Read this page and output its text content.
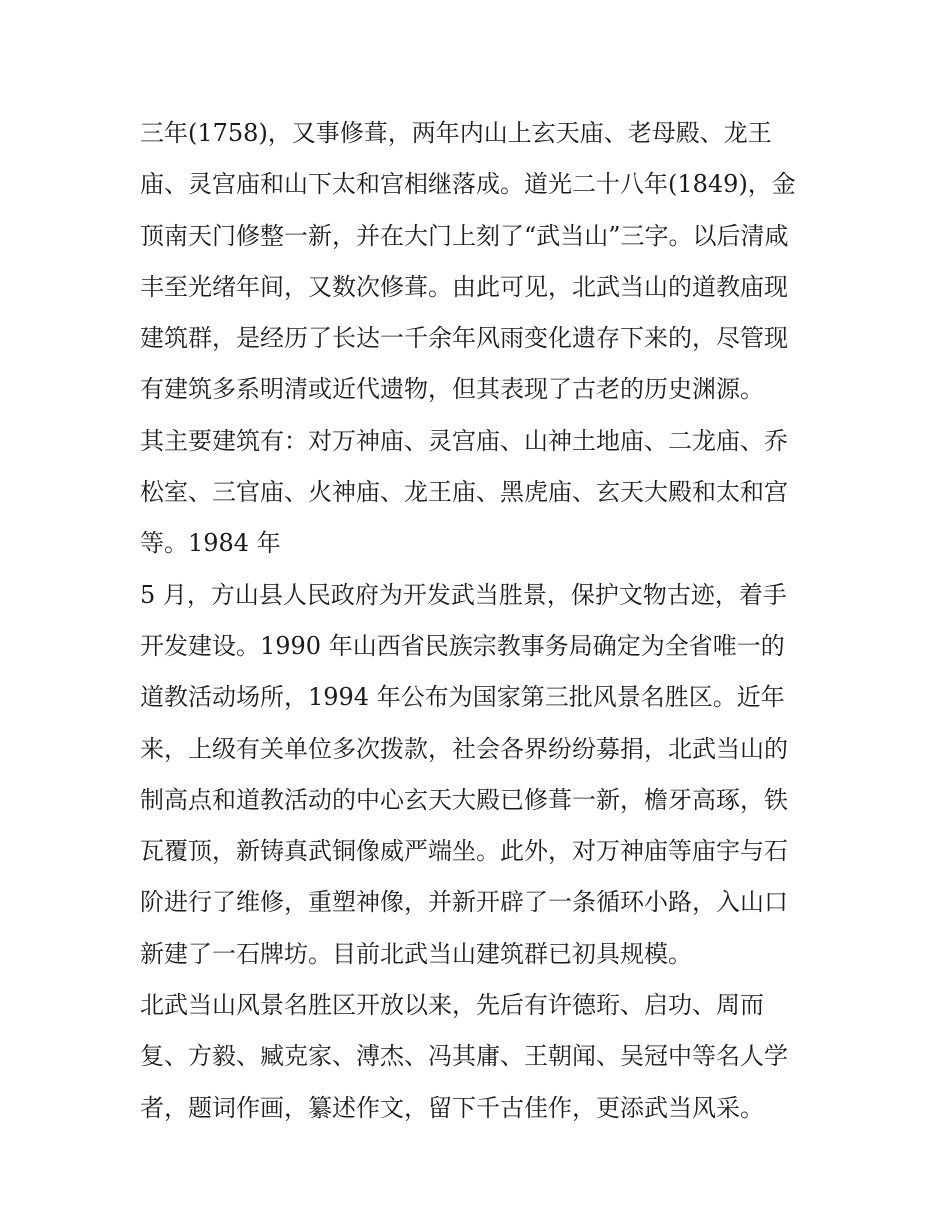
三年(1758)，又事修葺，两年内山上玄天庙、老母殿、龙王
庙、灵宫庙和山下太和宫相继落成。道光二十八年(1849)，金
顶南天门修整一新，并在大门上刻了“武当山”三字。以后清咸
丰至光绪年间，又数次修葺。由此可见，北武当山的道教庙现
建筑群，是经历了长达一千余年风雨变化遗存下来的，尽管现
有建筑多系明清或近代遗物，但其表现了古老的历史渊源。
其主要建筑有：对万神庙、灵宫庙、山神土地庙、二龙庙、乔
松室、三官庙、火神庙、龙王庙、黑虎庙、玄天大殿和太和宫
等。1984 年
5 月，方山县人民政府为开发武当胜景，保护文物古迹，着手
开发建设。1990 年山西省民族宗教事务局确定为全省唯一的
道教活动场所，1994 年公布为国家第三批风景名胜区。近年
来，上级有关单位多次拨款，社会各界纷纷募捐，北武当山的
制高点和道教活动的中心玄天大殿已修葺一新，檐牙高琢，铁
瓦覆顶，新铸真武铜像威严端坐。此外，对万神庙等庙宇与石
阶进行了维修，重塑神像，并新开辟了一条循环小路，入山口
新建了一石牌坊。目前北武当山建筑群已初具规模。
北武当山风景名胜区开放以来，先后有许德珩、启功、周而
复、方毅、臧克家、溥杰、冯其庸、王朝闻、吴冠中等名人学
者，题词作画，纂述作文，留下千古佳作，更添武当风采。
